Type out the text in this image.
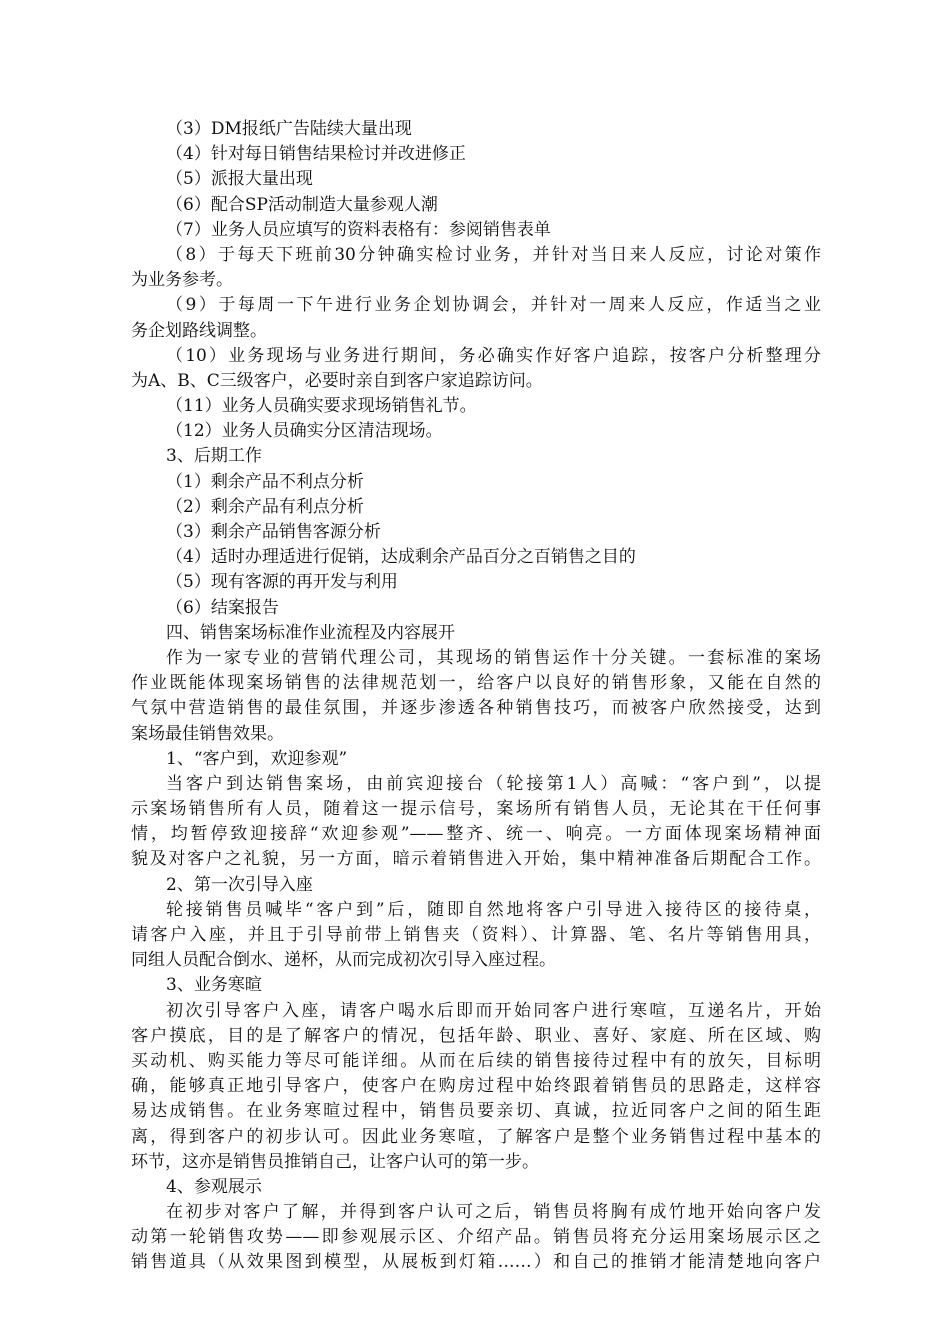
（3）DM报纸广告陆续大量出现
（4）针对每日销售结果检讨并改进修正
（5）派报大量出现
（6）配合SP活动制造大量参观人潮
（7）业务人员应填写的资料表格有：参阅销售表单
（8）于每天下班前30分钟确实检讨业务，并针对当日来人反应，讨论对策作
为业务参考。
（9）于每周一下午进行业务企划协调会，并针对一周来人反应，作适当之业
务企划路线调整。
（10）业务现场与业务进行期间，务必确实作好客户追踪，按客户分析整理分
为A、B、C三级客户，必要时亲自到客户家追踪访问。
（11）业务人员确实要求现场销售礼节。
（12）业务人员确实分区清洁现场。
3、后期工作
（1）剩余产品不利点分析
（2）剩余产品有利点分析
（3）剩余产品销售客源分析
（4）适时办理适进行促销，达成剩余产品百分之百销售之目的
（5）现有客源的再开发与利用
（6）结案报告
四、销售案场标准作业流程及内容展开
作为一家专业的营销代理公司，其现场的销售运作十分关键。一套标准的案场
作业既能体现案场销售的法律规范划一，给客户以良好的销售形象，又能在自然的
气氛中营造销售的最佳氛围，并逐步渗透各种销售技巧，而被客户欣然接受，达到
案场最佳销售效果。
1、“客户到，欢迎参观”
当客户到达销售案场，由前宾迎接台（轮接第1人）高喊：“客户到”，以提
示案场销售所有人员，随着这一提示信号，案场所有销售人员，无论其在干任何事
情，均暂停致迎接辞“欢迎参观”——整齐、统一、响亮。一方面体现案场精神面
貌及对客户之礼貌，另一方面，暗示着销售进入开始，集中精神准备后期配合工作。
2、第一次引导入座
轮接销售员喊毕“客户到”后，随即自然地将客户引导进入接待区的接待桌，
请客户入座，并且于引导前带上销售夹（资料）、计算器、笔、名片等销售用具，
同组人员配合倒水、递杯，从而完成初次引导入座过程。
3、业务寒暄
初次引导客户入座，请客户喝水后即而开始同客户进行寒喧，互递名片，开始
客户摸底，目的是了解客户的情况，包括年龄、职业、喜好、家庭、所在区域、购
买动机、购买能力等尽可能详细。从而在后续的销售接待过程中有的放矢，目标明
确，能够真正地引导客户，使客户在购房过程中始终跟着销售员的思路走，这样容
易达成销售。在业务寒暄过程中，销售员要亲切、真诚，拉近同客户之间的陌生距
离，得到客户的初步认可。因此业务寒喧，了解客户是整个业务销售过程中基本的
环节，这亦是销售员推销自己，让客户认可的第一步。
4、参观展示
在初步对客户了解，并得到客户认可之后，销售员将胸有成竹地开始向客户发
动第一轮销售攻势——即参观展示区、介绍产品。销售员将充分运用案场展示区之
销售道具（从效果图到模型，从展板到灯箱……）和自己的推销才能清楚地向客户
